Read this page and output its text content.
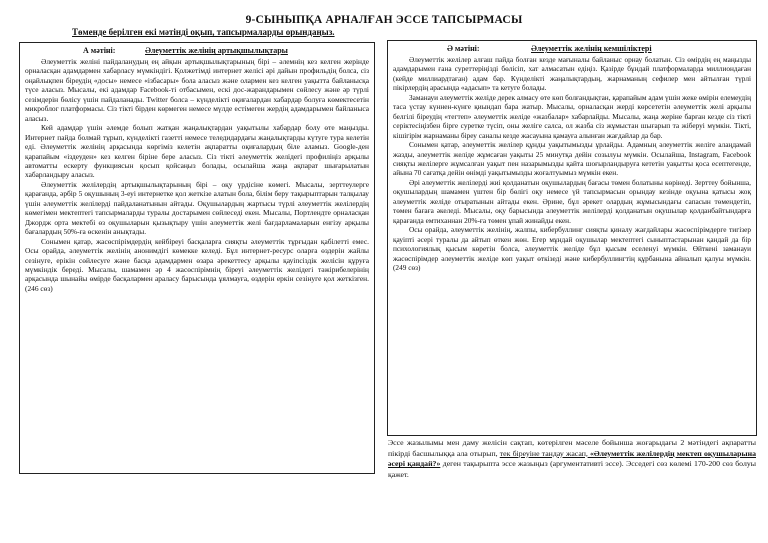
9-СЫНЫПҚА АРНАЛҒАН ЭССЕ ТАПСЫРМАСЫ
Төменде берілген екі мәтінді оқып, тапсырмаларды орындаңыз.
А мәтіні:	Әлеуметтік желінің артықшылықтары

Әлеуметтік желіні пайдаланудың ең айқын артықшылықтарының бірі – әлемнің кез келген жерінде орналасқан адамдармен хабарласу мүмкіндігі. Қолжетімді интернет желісі әрі дайын профильдің болса, сіз оңайлықпен біреудің «досы» немесе «ізбасары» бола аласыз және олармен кез келген уақытта байланысқа түсе аласыз. Мысалы, екі адамдар Facebook-ті отбасымен, ескі дос-жарандарымен сөйлесу және әр түрлі сезімдерін бөлісу үшін пайдаланады. Twitter болса – күнделікті оқиғалардан хабардар болуға көмектесетін микроблог платформасы. Сіз тікті бірден көрмеген немесе мүлде естімеген жердің адамдарымен байланыса аласыз.

Кей адамдар үшін әлемде болып жатқан жаңалықтардан уақытылы хабардар болу өте маңызды. Интернет пайда болмай тұрып, күнделікті газетті немесе теледидардағы жаңалықтарды күтуге тура келетін еді. Әлеуметтік желінің арқасында көргіміз келетін ақпаратты оқиғалардың біле аламыз. Google-ден қарапайым «іздеуден» кез келген біріне бере аласыз. Сіз тікті әлеуметтік желідегі профиліңіз арқылы автоматты ескерту функциясын қосып қойсаңыз болады, осылайша жаңа ақпарат шығарылатын хабарландыру аласыз.

Әлеуметтік желілердің артықшылықтарының бірі – оқу үрдісіне көмегі. Мысалы, зерттеулерге қарағанда, әрбір 5 оқушының 3-еуі интернетке қол жеткізе алатын бола, білім беру тақырыптарын талқылау үшін әлеуметтік желілерді пайдаланатынын айтады. Оқушылардың жартысы түрлі әлеуметтік желілердің көмегімен мектептегі тапсырмаларды туралы достарымен сөйлеседі екен. Мысалы, Портлендте орналасқан Джордж орта мектебі өз оқушыларын қызықтыру үшін әлеуметтік желі бағдарламаларын енгізу арқылы бағалардың 50%-ға өскенін анықтады.

Сонымен қатар, жасөспірімдердің кейбіреуі басқаларға сияқты әлеуметтік тұрғыдан қабілетті емес. Осы орайда, әлеуметтік желінің анонимдігі көмекке келеді. Бұл интернет-ресурс оларға өздерін жайлы сезінуге, ерікін сөйлесуге және басқа адамдармен өзара әрекеттесу арқылы қауіпсіздік желісін құруға мүмкіндік береді. Мысалы, шамамен әр 4 жасөспірімнің біреуі әлеуметтік желідегі тәжірибелерінің арқасында шынайы өмірде басқалармен араласу барысында ұялмауға, өздерін еркін сезінуге қол жеткізген. (246 сөз)

Ә мәтіні:	Әлеуметтік желінің кемшіліктері

Әлеуметтік желілер алғаш пайда болған кезде мағыналы байланыс орнау болатын. Сіз өмірдің ең маңызды адамдарымен ғана суреттеріңізді бөлісіп, хат алмасатын едіңіз. Қазірде бұндай платформаларда миллиондаған (кейде миллиардтаған) адам бар. Күнделікті жаңалықтардың, жарнаманың сефилер мен айтылған түрлі пікірлердің арасында «адасып» та кетуге болады.

Заманауи әлеуметтік желіде дерек алмасу өте көп болғандықтан, қарапайым адам үшін жеке өмірін елемеудің таса үстау күннен-күнге қиындап бара жатыр. Мысалы, орналасқан жерді көрсететін әлеуметтік желі арқылы белгілі біреудің «тегтеп» әлеуметтік желіде «жазбалар» хабарлайды. Мысалы, жаңа жеріне барған кезде сіз тікті серіктесіңізбен бірге суретке түсіп, оны желіге салса, ол жазба сіз жұмыстан шығарып та жіберуі мүмкін. Тікті, кішігірім жарнаманы біреу саналы кезде жасауына қамауға алынған жағдайлар да бар.

Сонымен қатар, әлеуметтік желілер құнды уақытымызды ұрлайды. Адамның әлеуметтік желіге алаңдамай жазды, әлеуметтік желіде жұмсаған уақыты 25 минутқа дейін созылуы мүмкін. Осылайша, Instagram, Facebook сияқты желілерге жұмсалған уақыт пен назарымызды қайта шоғырландыруға кететін уақытты қоса есептегенде, айына 70 сағатқа дейін өнімді уақытымызды жоғалтуымыз мүмкін екен.

Әрі әлеуметтік желілерді жиі қолданатын оқушылардың бағасы төмен болатыны көрінеді. Зерттеу бойынша, оқушылардың шамамен үштен бір бөлігі оқу немесе үй тапсырмасын орындау кезінде оқуына қатысы жоқ әлеуметтік желіде отыратынын айтады екен. Әрине, бұл әрекет олардың жұмысындағы сапасын төмендетіп, төмен бағаға әкеледі. Мысалы, оқу барысында әлеуметтік желілерді қолданатын оқушылар қолданбайтындарға қарағанда емтиханнан 20%-ға төмен ұпай жинайды екен.

Осы орайда, әлеуметтік желінің, жалпы, кибербуллинг сияқты қиналу жағдайлары жасөспірімдерге тигізер қауіпті әсері туралы да айтып өткен жөн. Егер мұндай оқушылар мектептегі сыныптастарынан қандай да бір психологиялық қысым көретін болса, әлеуметтік желіде бұл қысым еселенуі мүмкін. Өйткені заманауи жасөспірімдер әлеуметтік желіде көп уақыт өткізеді және кибербуллингтің құрбанына айналып қалуы мүмкін. (249 сөз)

Эссе жазылымы мен даму желісін сақтап, көтерілген мәселе бойынша жоғарыдағы 2 мәтіндегі ақпаратты пікірді басшылыққа ала отырып, тек біреуіне тандау жасап, «Әлеуметтік желілердің мектеп оқушыларына әсері қандай?» деген тақырыпта эссе жазыңыз (аргументативті эссе). Эсседегі сөз көлемі 170-200 сөз болуы қажет.
